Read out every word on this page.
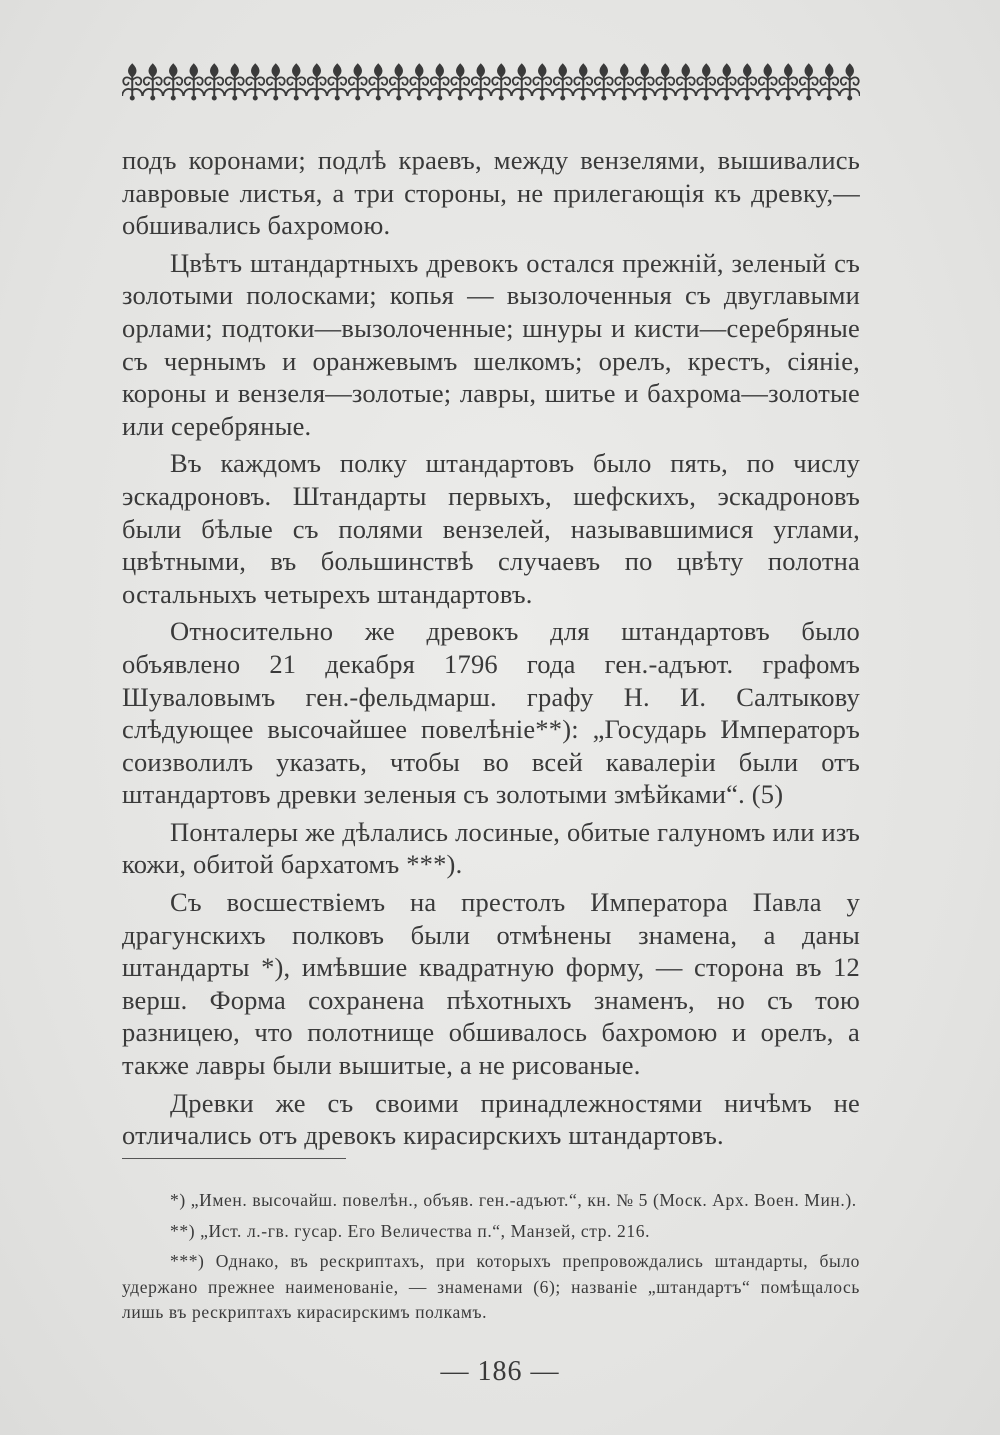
подъ коронами; подлѣ краевъ, между вензелями, вышивались лавровые листья, а три стороны, не прилегающія къ древку,—обшивались бахромою.

Цвѣтъ штандартныхъ древокъ остался прежній, зеленый съ золотыми полосками; копья — вызолоченныя съ двуглавыми орлами; подтоки—вызолоченные; шнуры и кисти—серебряные съ чернымъ и оранжевымъ шелкомъ; орелъ, крестъ, сіяніе, короны и вензеля—золотые; лавры, шитье и бахрома—золотые или серебряные.

Въ каждомъ полку штандартовъ было пять, по числу эскадроновъ. Штандарты первыхъ, шефскихъ, эскадроновъ были бѣлые съ полями вензелей, называвшимися углами, цвѣтными, въ большинствѣ случаевъ по цвѣту полотна остальныхъ четырехъ штандартовъ.

Относительно же древокъ для штандартовъ было объявлено 21 декабря 1796 года ген.-адъют. графомъ Шуваловымъ ген.-фельдмарш. графу Н. И. Салтыкову слѣдующее высочайшее повелѣніе**): „Государь Императоръ соизволилъ указать, чтобы во всей кавалеріи были отъ штандартовъ древки зеленыя съ золотыми змѣйками“. (5)

Понталеры же дѣлались лосиные, обитые галуномъ или изъ кожи, обитой бархатомъ ***).

Съ восшествіемъ на престолъ Императора Павла у драгунскихъ полковъ были отмѣнены знамена, а даны штандарты *), имѣвшие квадратную форму, — сторона въ 12 верш. Форма сохранена пѣхотныхъ знаменъ, но съ тою разницею, что полотнище обшивалось бахромою и орелъ, а также лавры были вышитые, а не рисованые.

Древки же съ своими принадлежностями ничѣмъ не отличались отъ древокъ кирасирскихъ штандартовъ.

*) „Имен. высочайш. повелѣн., объяв. ген.-адъют.“, кн. № 5 (Моск. Арх. Воен. Мин.).

**) „Ист. л.-гв. гусар. Его Величества п.“, Манзей, стр. 216.

***) Однако, въ рескриптахъ, при которыхъ препровождались штандарты, было удержано прежнее наименованіе, — знаменами (6); названіе „штандартъ“ помѣщалось лишь въ рескриптахъ кирасирскимъ полкамъ.

— 186 —
